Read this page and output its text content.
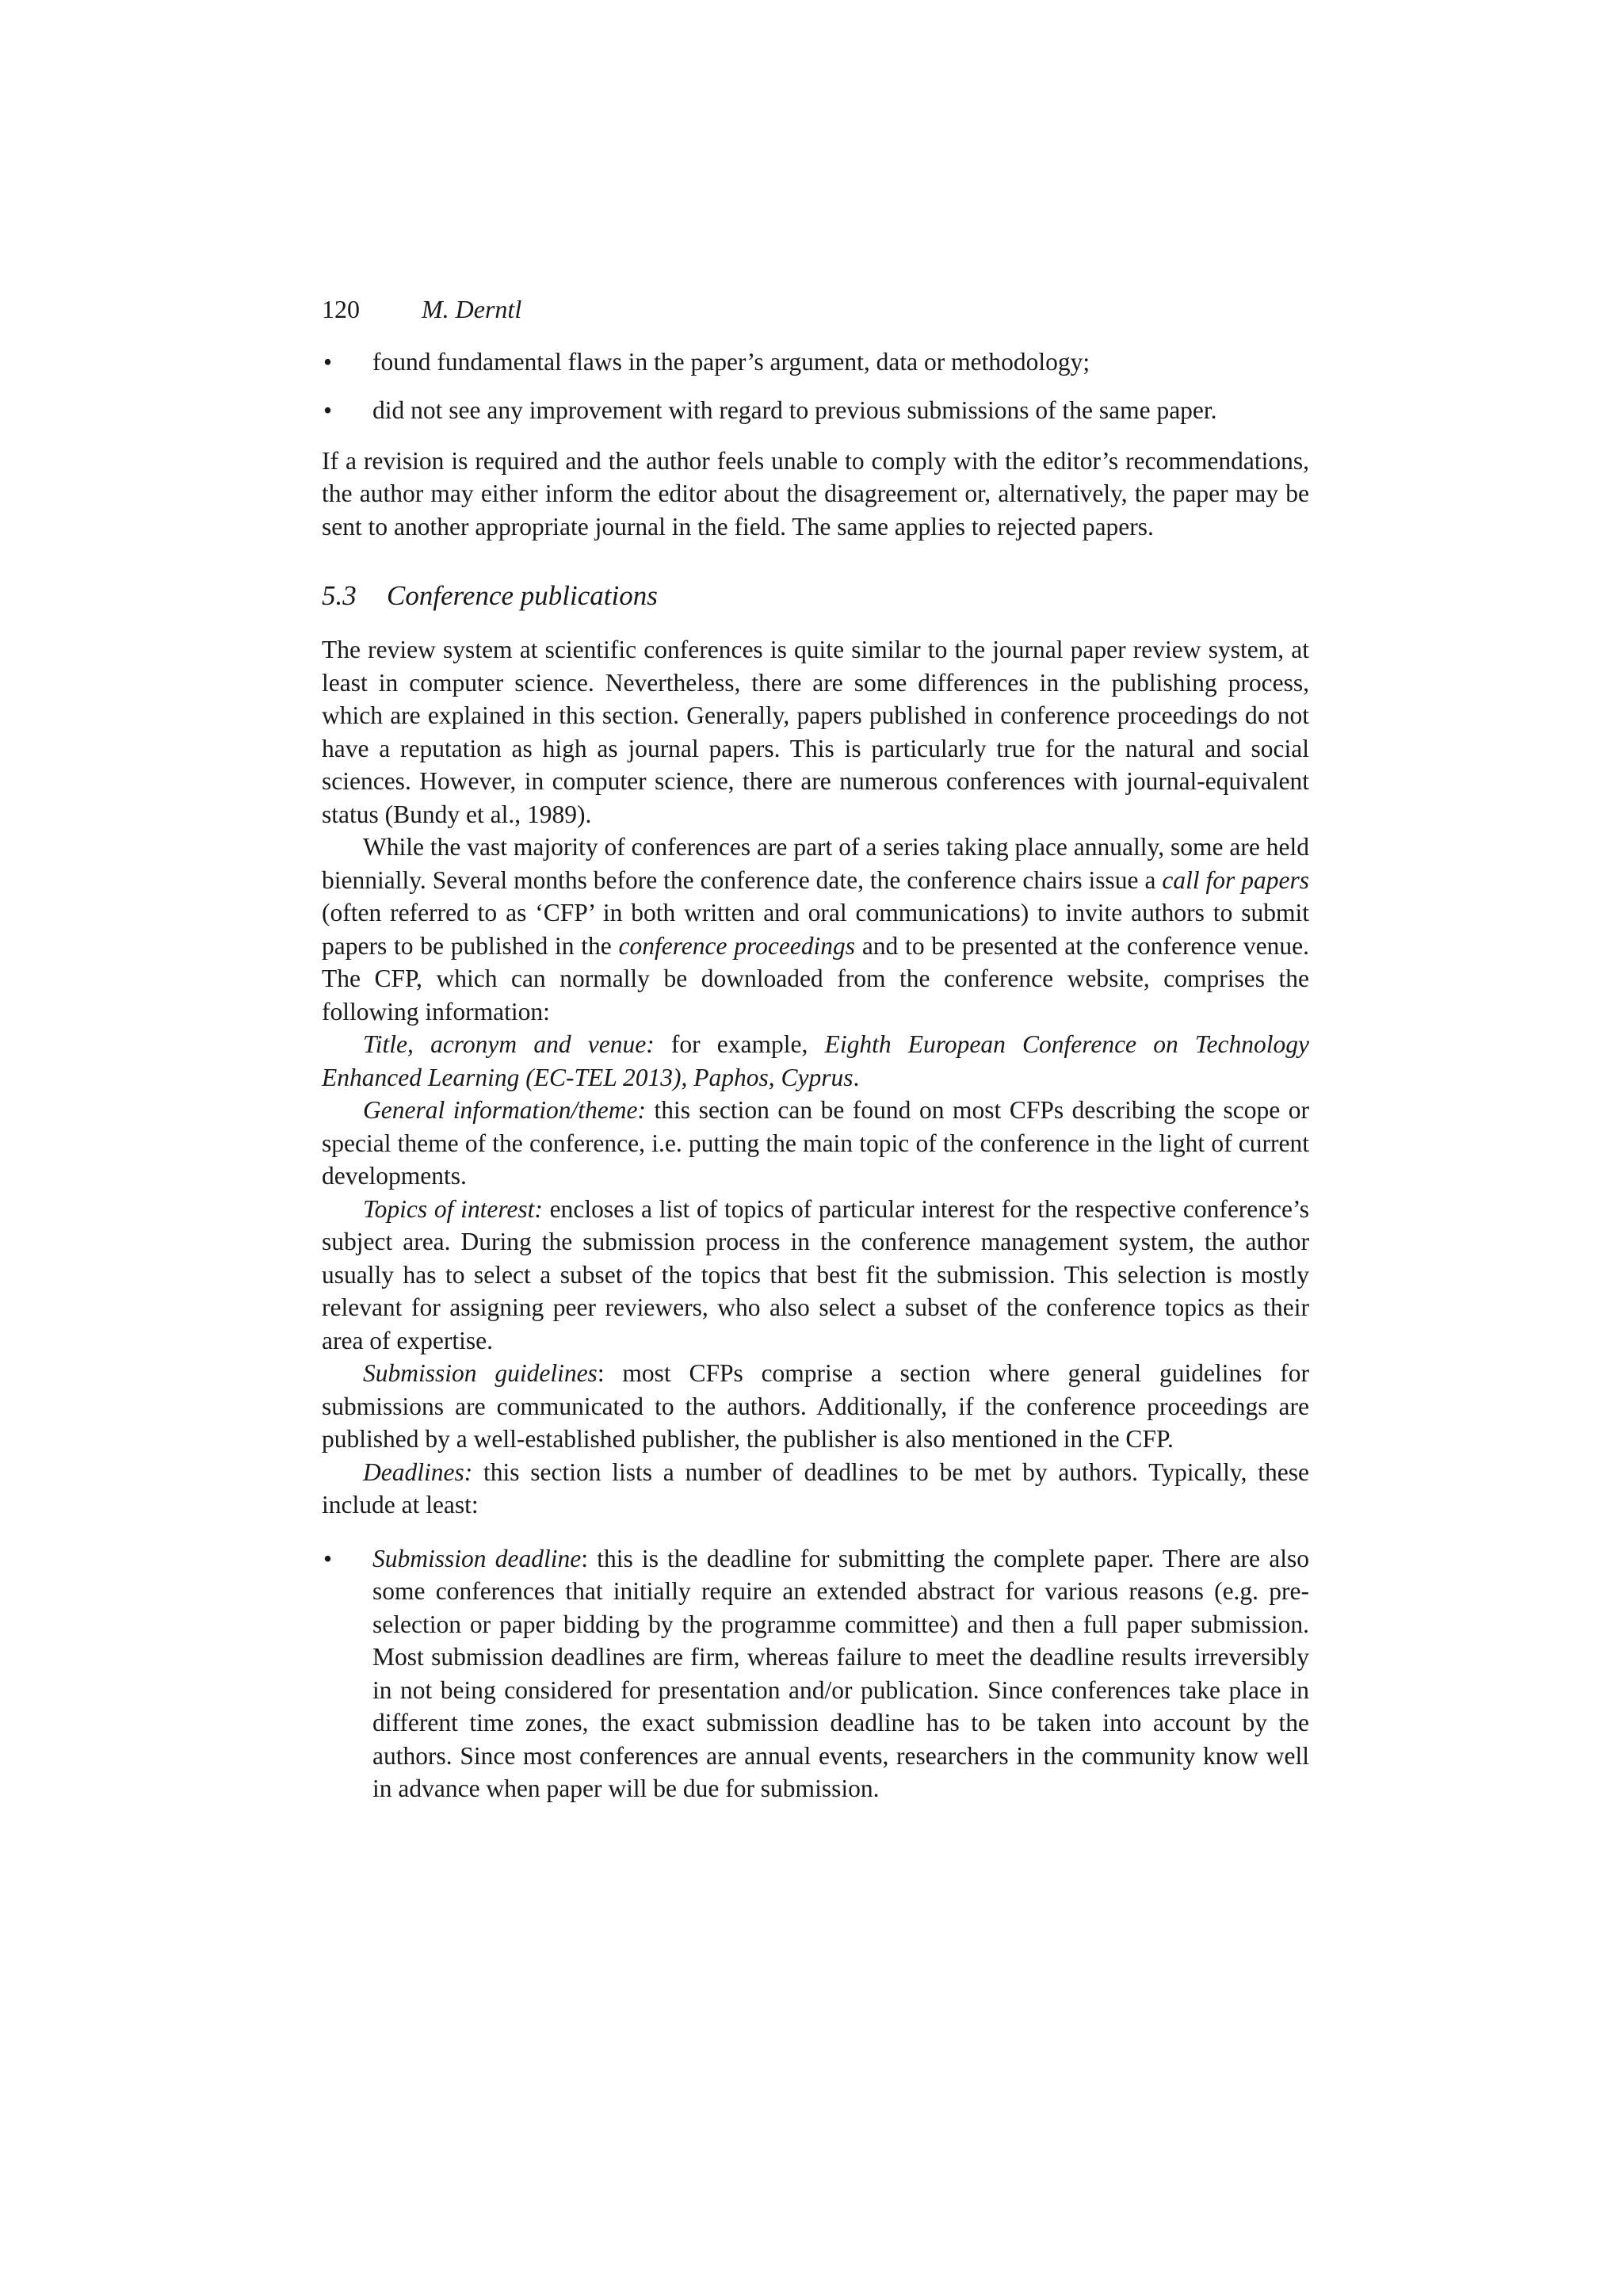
120	M. Derntl
• found fundamental flaws in the paper’s argument, data or methodology;
• did not see any improvement with regard to previous submissions of the same paper.

If a revision is required and the author feels unable to comply with the editor’s recommendations, the author may either inform the editor about the disagreement or, alternatively, the paper may be sent to another appropriate journal in the field. The same applies to rejected papers.

5.3	Conference publications

The review system at scientific conferences is quite similar to the journal paper review system, at least in computer science. Nevertheless, there are some differences in the publishing process, which are explained in this section. Generally, papers published in conference proceedings do not have a reputation as high as journal papers. This is particularly true for the natural and social sciences. However, in computer science, there are numerous conferences with journal-equivalent status (Bundy et al., 1989).

While the vast majority of conferences are part of a series taking place annually, some are held biennially. Several months before the conference date, the conference chairs issue a call for papers (often referred to as ‘CFP’ in both written and oral communications) to invite authors to submit papers to be published in the conference proceedings and to be presented at the conference venue. The CFP, which can normally be downloaded from the conference website, comprises the following information:

Title, acronym and venue: for example, Eighth European Conference on Technology Enhanced Learning (EC-TEL 2013), Paphos, Cyprus.

General information/theme: this section can be found on most CFPs describing the scope or special theme of the conference, i.e. putting the main topic of the conference in the light of current developments.

Topics of interest: encloses a list of topics of particular interest for the respective conference’s subject area. During the submission process in the conference management system, the author usually has to select a subset of the topics that best fit the submission. This selection is mostly relevant for assigning peer reviewers, who also select a subset of the conference topics as their area of expertise.

Submission guidelines: most CFPs comprise a section where general guidelines for submissions are communicated to the authors. Additionally, if the conference proceedings are published by a well-established publisher, the publisher is also mentioned in the CFP.

Deadlines: this section lists a number of deadlines to be met by authors. Typically, these include at least:

• Submission deadline: this is the deadline for submitting the complete paper. There are also some conferences that initially require an extended abstract for various reasons (e.g. pre-selection or paper bidding by the programme committee) and then a full paper submission. Most submission deadlines are firm, whereas failure to meet the deadline results irreversibly in not being considered for presentation and/or publication. Since conferences take place in different time zones, the exact submission deadline has to be taken into account by the authors. Since most conferences are annual events, researchers in the community know well in advance when paper will be due for submission.
